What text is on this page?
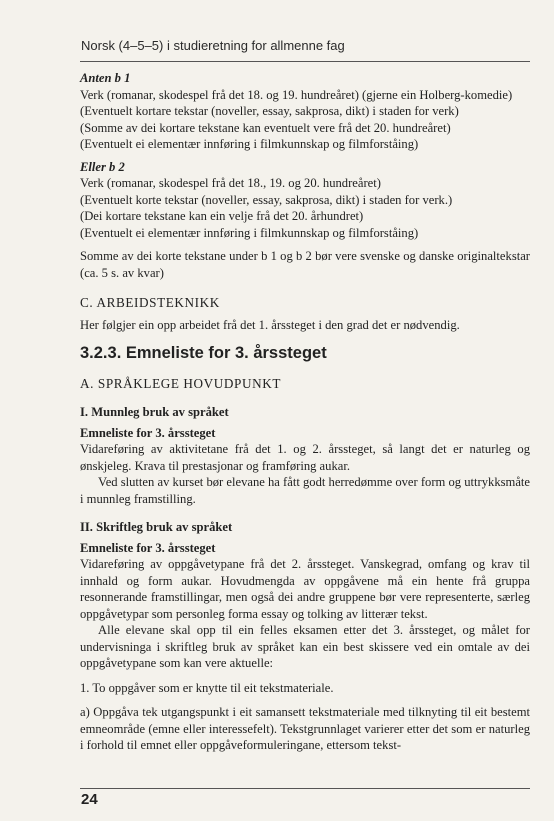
Norsk (4–5–5) i studieretning for allmenne fag

Anten b 1

Verk (romanar, skodespel frå det 18. og 19. hundreåret) (gjerne ein Holberg-komedie)

(Eventuelt kortare tekstar (noveller, essay, sakprosa, dikt) i staden for verk)

(Somme av dei kortare tekstane kan eventuelt vere frå det 20. hundreåret)

(Eventuelt ei elementær innføring i filmkunnskap og filmforståing)

Eller b 2

Verk (romanar, skodespel frå det 18., 19. og 20. hundreåret)

(Eventuelt korte tekstar (noveller, essay, sakprosa, dikt) i staden for verk.)

(Dei kortare tekstane kan ein velje frå det 20. århundret)

(Eventuelt ei elementær innføring i filmkunnskap og filmforståing)

Somme av dei korte tekstane under b 1 og b 2 bør vere svenske og danske originaltekstar (ca. 5 s. av kvar)

C. ARBEIDSTEKNIKK

Her følgjer ein opp arbeidet frå det 1. årssteget i den grad det er nødvendig.

3.2.3. Emneliste for 3. årssteget

A. SPRÅKLEGE HOVUDPUNKT

I. Munnleg bruk av språket

Emneliste for 3. årssteget

Vidareføring av aktivitetane frå det 1. og 2. årssteget, så langt det er naturleg og ønskjeleg. Krava til prestasjonar og framføring aukar.

Ved slutten av kurset bør elevane ha fått godt herredømme over form og uttrykksmåte i munnleg framstilling.

II. Skriftleg bruk av språket

Emneliste for 3. årssteget

Vidareføring av oppgåvetypane frå det 2. årssteget. Vanskegrad, omfang og krav til innhald og form aukar. Hovudmengda av oppgåvene må ein hente frå gruppa resonnerande framstillingar, men også dei andre gruppene bør vere representerte, særleg oppgåvetypar som personleg forma essay og tolking av litterær tekst.

Alle elevane skal opp til ein felles eksamen etter det 3. årssteget, og målet for undervisninga i skriftleg bruk av språket kan ein best skissere ved ein omtale av dei oppgåvetypane som kan vere aktuelle:

1. To oppgåver som er knytte til eit tekstmateriale.

a) Oppgåva tek utgangspunkt i eit samansett tekstmateriale med tilknyting til eit bestemt emneområde (emne eller interessefelt). Tekstgrunnlaget varierer etter det som er naturleg i forhold til emnet eller oppgåveformuleringane, ettersom tekst-

24
